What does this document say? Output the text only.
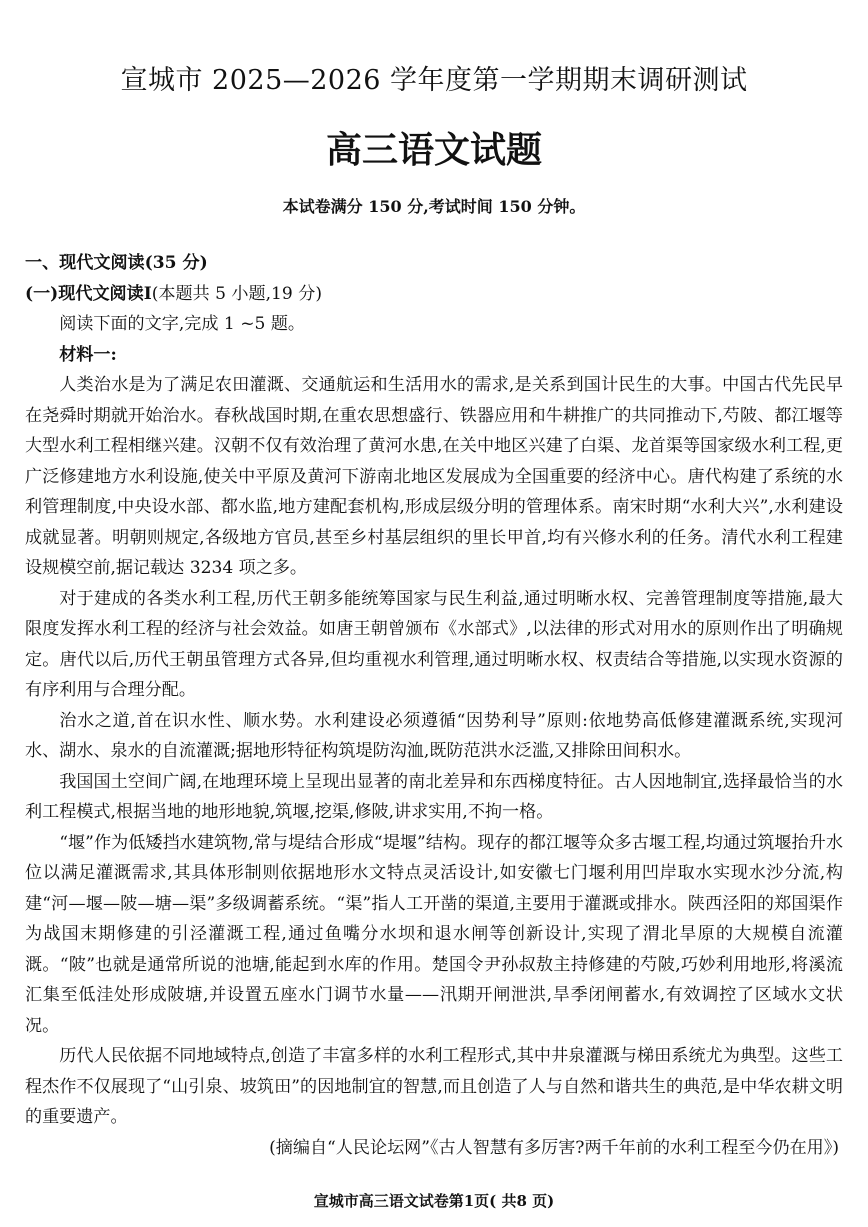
宣城市 2025—2026 学年度第一学期期末调研测试
高三语文试题
本试卷满分 150 分,考试时间 150 分钟。

一、现代文阅读(35 分)

(一)现代文阅读Ⅰ(本题共 5 小题,19 分)

阅读下面的文字,完成 1 ~5 题。

材料一:

人类治水是为了满足农田灌溉、交通航运和生活用水的需求,是关系到国计民生的大事。中国古代先民早在尧舜时期就开始治水。春秋战国时期,在重农思想盛行、铁器应用和牛耕推广的共同推动下,芍陂、都江堰等大型水利工程相继兴建。汉朝不仅有效治理了黄河水患,在关中地区兴建了白渠、龙首渠等国家级水利工程,更广泛修建地方水利设施,使关中平原及黄河下游南北地区发展成为全国重要的经济中心。唐代构建了系统的水利管理制度,中央设水部、都水监,地方建配套机构,形成层级分明的管理体系。南宋时期“水利大兴”,水利建设成就显著。明朝则规定,各级地方官员,甚至乡村基层组织的里长甲首,均有兴修水利的任务。清代水利工程建设规模空前,据记载达 3234 项之多。

对于建成的各类水利工程,历代王朝多能统筹国家与民生利益,通过明晰水权、完善管理制度等措施,最大限度发挥水利工程的经济与社会效益。如唐王朝曾颁布《水部式》,以法律的形式对用水的原则作出了明确规定。唐代以后,历代王朝虽管理方式各异,但均重视水利管理,通过明晰水权、权责结合等措施,以实现水资源的有序利用与合理分配。

治水之道,首在识水性、顺水势。水利建设必须遵循“因势利导”原则:依地势高低修建灌溉系统,实现河水、湖水、泉水的自流灌溉;据地形特征构筑堤防沟洫,既防范洪水泛滥,又排除田间积水。

我国国土空间广阔,在地理环境上呈现出显著的南北差异和东西梯度特征。古人因地制宜,选择最恰当的水利工程模式,根据当地的地形地貌,筑堰,挖渠,修陂,讲求实用,不拘一格。

“堰”作为低矮挡水建筑物,常与堤结合形成“堤堰”结构。现存的都江堰等众多古堰工程,均通过筑堰抬升水位以满足灌溉需求,其具体形制则依据地形水文特点灵活设计,如安徽七门堰利用凹岸取水实现水沙分流,构建“河—堰—陂—塘—渠”多级调蓄系统。“渠”指人工开凿的渠道,主要用于灌溉或排水。陕西泾阳的郑国渠作为战国末期修建的引泾灌溉工程,通过鱼嘴分水坝和退水闸等创新设计,实现了渭北旱原的大规模自流灌溉。“陂”也就是通常所说的池塘,能起到水库的作用。楚国令尹孙叔敖主持修建的芍陂,巧妙利用地形,将溪流汇集至低洼处形成陂塘,并设置五座水门调节水量——汛期开闸泄洪,旱季闭闸蓄水,有效调控了区域水文状况。

历代人民依据不同地域特点,创造了丰富多样的水利工程形式,其中井泉灌溉与梯田系统尤为典型。这些工程杰作不仅展现了“山引泉、坡筑田”的因地制宜的智慧,而且创造了人与自然和谐共生的典范,是中华农耕文明的重要遗产。

(摘编自“人民论坛网”《古人智慧有多厉害?两千年前的水利工程至今仍在用》)

宣城市高三语文试卷第1页( 共8 页)
